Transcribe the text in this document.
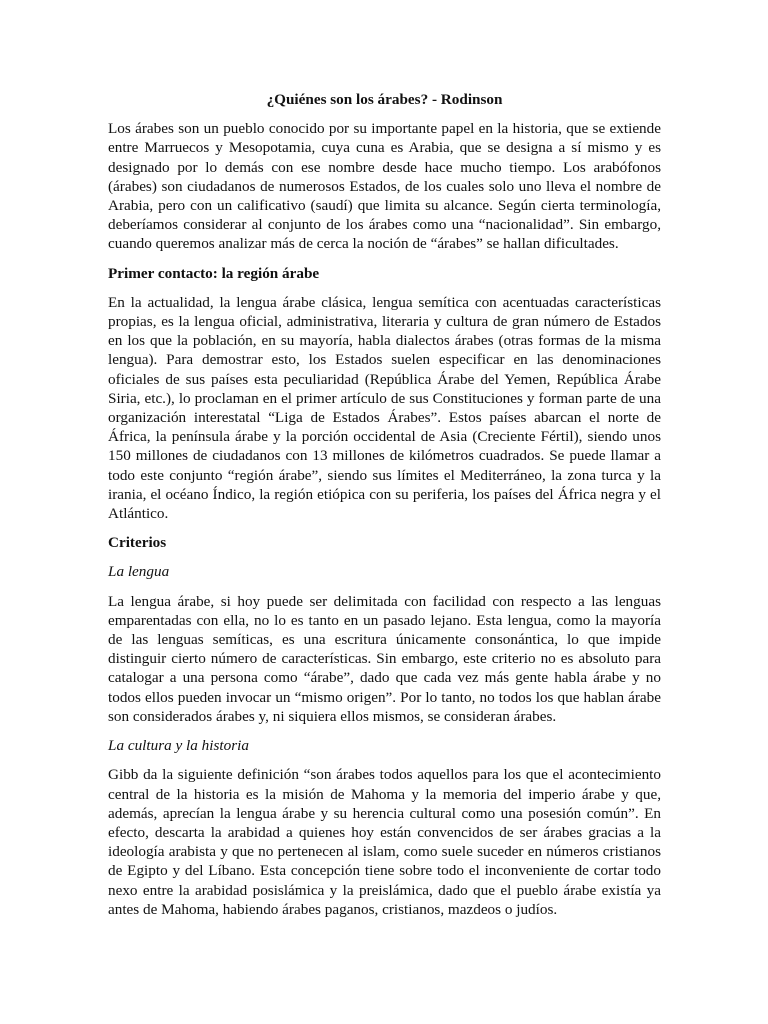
¿Quiénes son los árabes? - Rodinson

Los árabes son un pueblo conocido por su importante papel en la historia, que se extiende entre Marruecos y Mesopotamia, cuya cuna es Arabia, que se designa a sí mismo y es designado por lo demás con ese nombre desde hace mucho tiempo. Los arabófonos (árabes) son ciudadanos de numerosos Estados, de los cuales solo uno lleva el nombre de Arabia, pero con un calificativo (saudí) que limita su alcance. Según cierta terminología, deberíamos considerar al conjunto de los árabes como una “nacionalidad”. Sin embargo, cuando queremos analizar más de cerca la noción de “árabes” se hallan dificultades.

Primer contacto: la región árabe

En la actualidad, la lengua árabe clásica, lengua semítica con acentuadas características propias, es la lengua oficial, administrativa, literaria y cultura de gran número de Estados en los que la población, en su mayoría, habla dialectos árabes (otras formas de la misma lengua). Para demostrar esto, los Estados suelen especificar en las denominaciones oficiales de sus países esta peculiaridad (República Árabe del Yemen, República Árabe Siria, etc.), lo proclaman en el primer artículo de sus Constituciones y forman parte de una organización interestatal “Liga de Estados Árabes”. Estos países abarcan el norte de África, la península árabe y la porción occidental de Asia (Creciente Fértil), siendo unos 150 millones de ciudadanos con 13 millones de kilómetros cuadrados. Se puede llamar a todo este conjunto “región árabe”, siendo sus límites el Mediterráneo, la zona turca y la irania, el océano Índico, la región etiópica con su periferia, los países del África negra y el Atlántico.

Criterios
La lengua

La lengua árabe, si hoy puede ser delimitada con facilidad con respecto a las lenguas emparentadas con ella, no lo es tanto en un pasado lejano. Esta lengua, como la mayoría de las lenguas semíticas, es una escritura únicamente consonántica, lo que impide distinguir cierto número de características. Sin embargo, este criterio no es absoluto para catalogar a una persona como “árabe”, dado que cada vez más gente habla árabe y no todos ellos pueden invocar un “mismo origen”. Por lo tanto, no todos los que hablan árabe son considerados árabes y, ni siquiera ellos mismos, se consideran árabes.

La cultura y la historia

Gibb da la siguiente definición “son árabes todos aquellos para los que el acontecimiento central de la historia es la misión de Mahoma y la memoria del imperio árabe y que, además, aprecían la lengua árabe y su herencia cultural como una posesión común”. En efecto, descarta la arabidad a quienes hoy están convencidos de ser árabes gracias a la ideología arabista y que no pertenecen al islam, como suele suceder en números cristianos de Egipto y del Líbano. Esta concepción tiene sobre todo el inconveniente de cortar todo nexo entre la arabidad posislámica y la preislámica, dado que el pueblo árabe existía ya antes de Mahoma, habiendo árabes paganos, cristianos, mazdeos o judíos.
